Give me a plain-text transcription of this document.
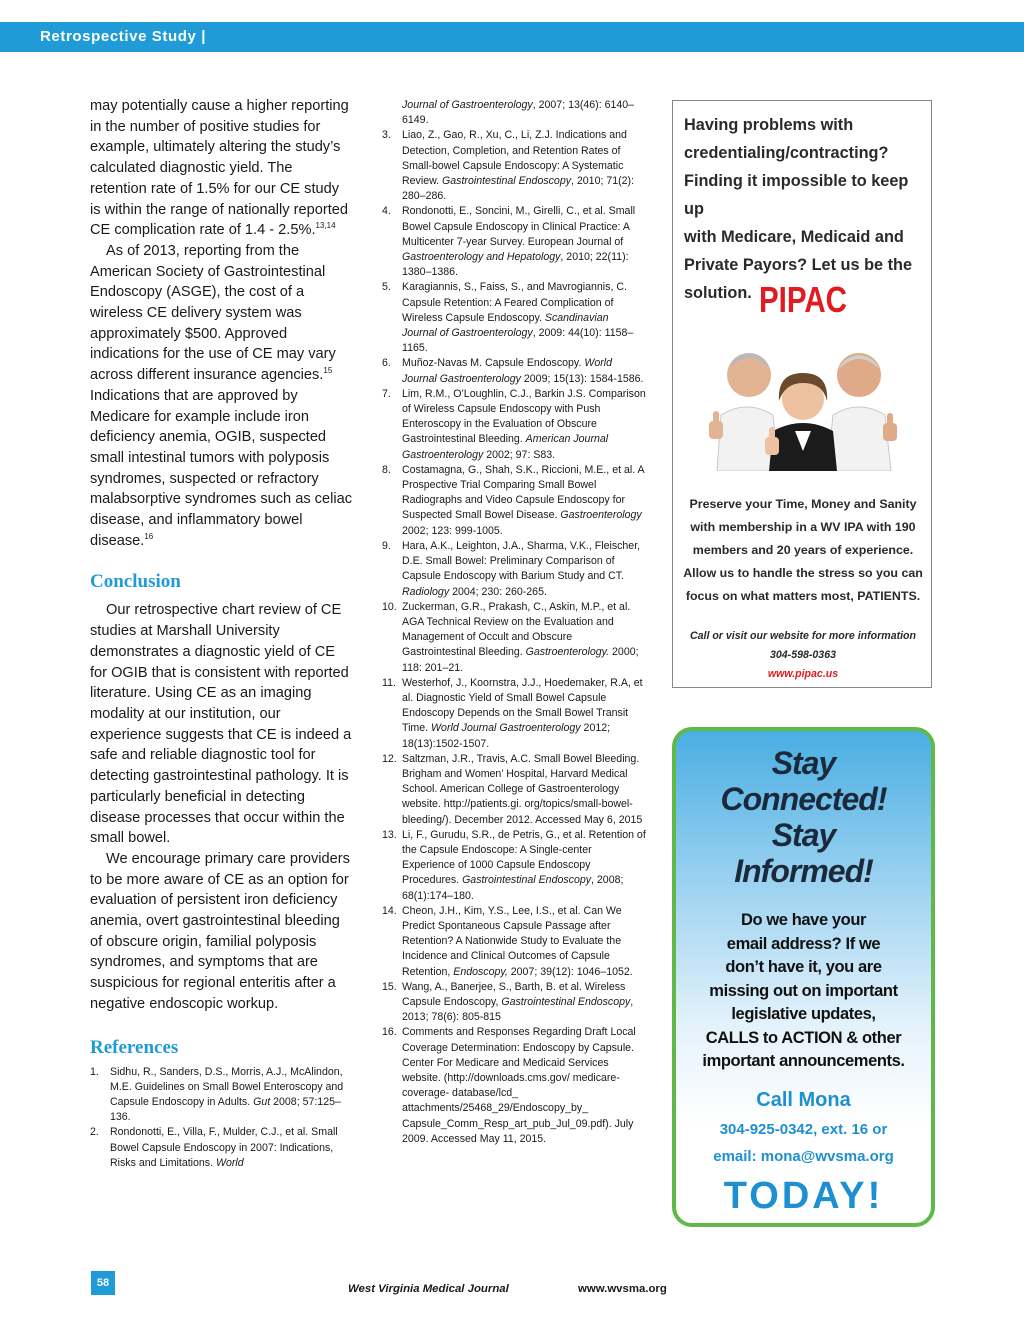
Retrospective Study |

may potentially cause a higher reporting in the number of positive studies for example, ultimately altering the study’s calculated diagnostic yield. The retention rate of 1.5% for our CE study is within the range of nationally reported CE complication rate of 1.4 - 2.5%.$^{13,14}$

As of 2013, reporting from the American Society of Gastrointestinal Endoscopy (ASGE), the cost of a wireless CE delivery system was approximately $500. Approved indications for the use of CE may vary across different insurance agencies.$^{15}$ Indications that are approved by Medicare for example include iron deficiency anemia, OGIB, suspected small intestinal tumors with polyposis syndromes, suspected or refractory malabsorptive syndromes such as celiac disease, and inflammatory bowel disease.$^{16}$

Conclusion

Our retrospective chart review of CE studies at Marshall University demonstrates a diagnostic yield of CE for OGIB that is consistent with reported literature. Using CE as an imaging modality at our institution, our experience suggests that CE is indeed a safe and reliable diagnostic tool for detecting gastrointestinal pathology. It is particularly beneficial in detecting disease processes that occur within the small bowel.

We encourage primary care providers to be more aware of CE as an option for evaluation of persistent iron deficiency anemia, overt gastrointestinal bleeding of obscure origin, familial polyposis syndromes, and symptoms that are suspicious for regional enteritis after a negative endoscopic workup.

References
1. Sidhu, R., Sanders, D.S., Morris, A.J., McAlindon, M.E. Guidelines on Small Bowel Enteroscopy and Capsule Endoscopy in Adults. Gut 2008; 57:125–136.
2. Rondonotti, E., Villa, F., Mulder, C.J., et al. Small Bowel Capsule Endoscopy in 2007: Indications, Risks and Limitations. World
Journal of Gastroenterology, 2007; 13(46): 6140–6149.
3. Liao, Z., Gao, R., Xu, C., Li, Z.J. Indications and Detection, Completion, and Retention Rates of Small-bowel Capsule Endoscopy: A Systematic Review. Gastrointestinal Endoscopy, 2010; 71(2): 280–286.
4. Rondonotti, E., Soncini, M., Girelli, C., et al. Small Bowel Capsule Endoscopy in Clinical Practice: A Multicenter 7-year Survey. European Journal of Gastroenterology and Hepatology, 2010; 22(11): 1380–1386.
5. Karagiannis, S., Faiss, S., and Mavrogiannis, C. Capsule Retention: A Feared Complication of Wireless Capsule Endoscopy. Scandinavian Journal of Gastroenterology, 2009: 44(10): 1158–1165.
6. Muñoz-Navas M. Capsule Endoscopy. World Journal Gastroenterology 2009; 15(13): 1584-1586.
7. Lim, R.M., O’Loughlin, C.J., Barkin J.S. Comparison of Wireless Capsule Endoscopy with Push Enteroscopy in the Evaluation of Obscure Gastrointestinal Bleeding. American Journal Gastroenterology 2002; 97: S83.
8. Costamagna, G., Shah, S.K., Riccioni, M.E., et al. A Prospective Trial Comparing Small Bowel Radiographs and Video Capsule Endoscopy for Suspected Small Bowel Disease. Gastroenterology 2002; 123: 999-1005.
9. Hara, A.K., Leighton, J.A., Sharma, V.K., Fleischer, D.E. Small Bowel: Preliminary Comparison of Capsule Endoscopy with Barium Study and CT. Radiology 2004; 230: 260-265.
10. Zuckerman, G.R., Prakash, C., Askin, M.P., et al. AGA Technical Review on the Evaluation and Management of Occult and Obscure Gastrointestinal Bleeding. Gastroenterology. 2000; 118: 201–21.
11. Westerhof, J., Koornstra, J.J., Hoedemaker, R.A, et al. Diagnostic Yield of Small Bowel Capsule Endoscopy Depends on the Small Bowel Transit Time. World Journal Gastroenterology 2012; 18(13):1502-1507.
12. Saltzman, J.R., Travis, A.C. Small Bowel Bleeding. Brigham and Women’ Hospital, Harvard Medical School. American College of Gastroenterology website. http://patients.gi. org/topics/small-bowel-bleeding/). December 2012. Accessed May 6, 2015
13. Li, F., Gurudu, S.R., de Petris, G., et al. Retention of the Capsule Endoscope: A Single-center Experience of 1000 Capsule Endoscopy Procedures. Gastrointestinal Endoscopy, 2008; 68(1):174–180.
14. Cheon, J.H., Kim, Y.S., Lee, I.S., et al. Can We Predict Spontaneous Capsule Passage after Retention? A Nationwide Study to Evaluate the Incidence and Clinical Outcomes of Capsule Retention, Endoscopy, 2007; 39(12): 1046–1052.
15. Wang, A., Banerjee, S., Barth, B. et al. Wireless Capsule Endoscopy, Gastrointestinal Endoscopy, 2013; 78(6): 805-815
16. Comments and Responses Regarding Draft Local Coverage Determination: Endoscopy by Capsule. Center For Medicare and Medicaid Services website. (http://downloads.cms.gov/ medicare-coverage- database/lcd_ attachments/25468_29/Endoscopy_by_ Capsule_Comm_Resp_art_pub_Jul_09.pdf). July 2009. Accessed May 11, 2015.
Having problems with
credentialing/contracting?
Finding it impossible to keep up
with Medicare, Medicaid and
Private Payors? Let us be the
solution. PIPAC
Preserve your Time, Money and Sanity
with membership in a WV IPA with 190
members and 20 years of experience.
Allow us to handle the stress so you can
focus on what matters most, PATIENTS.
Call or visit our website for more information
304-598-0363
www.pipac.us
Stay
Connected!
Stay
Informed!
Do we have your
email address? If we
don’t have it, you are
missing out on important
legislative updates,
CALLS to ACTION & other
important announcements.
Call Mona
304-925-0342, ext. 16 or
email: mona@wvsma.org
TODAY!
58	West Virginia Medical Journal	www.wvsma.org
